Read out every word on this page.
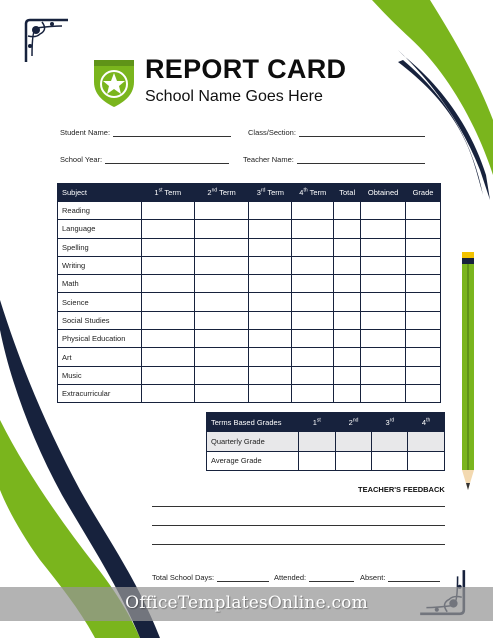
REPORT CARD
School Name Goes Here
Student Name:	Class/Section:
School Year:	Teacher Name:
Subject	1st Term	2nd Term	3rd Term	4th Term	Total	Obtained	Grade
Reading							
Language							
Spelling							
Writing							
Math							
Science							
Social Studies							
Physical Education							
Art							
Music							
Extracurricular							
Terms Based Grades	1st	2nd	3rd	4th
Quarterly Grade				
Average Grade				
TEACHER'S FEEDBACK
Total School Days:	Attended:	Absent:
OfficeTemplatesOnline.com
